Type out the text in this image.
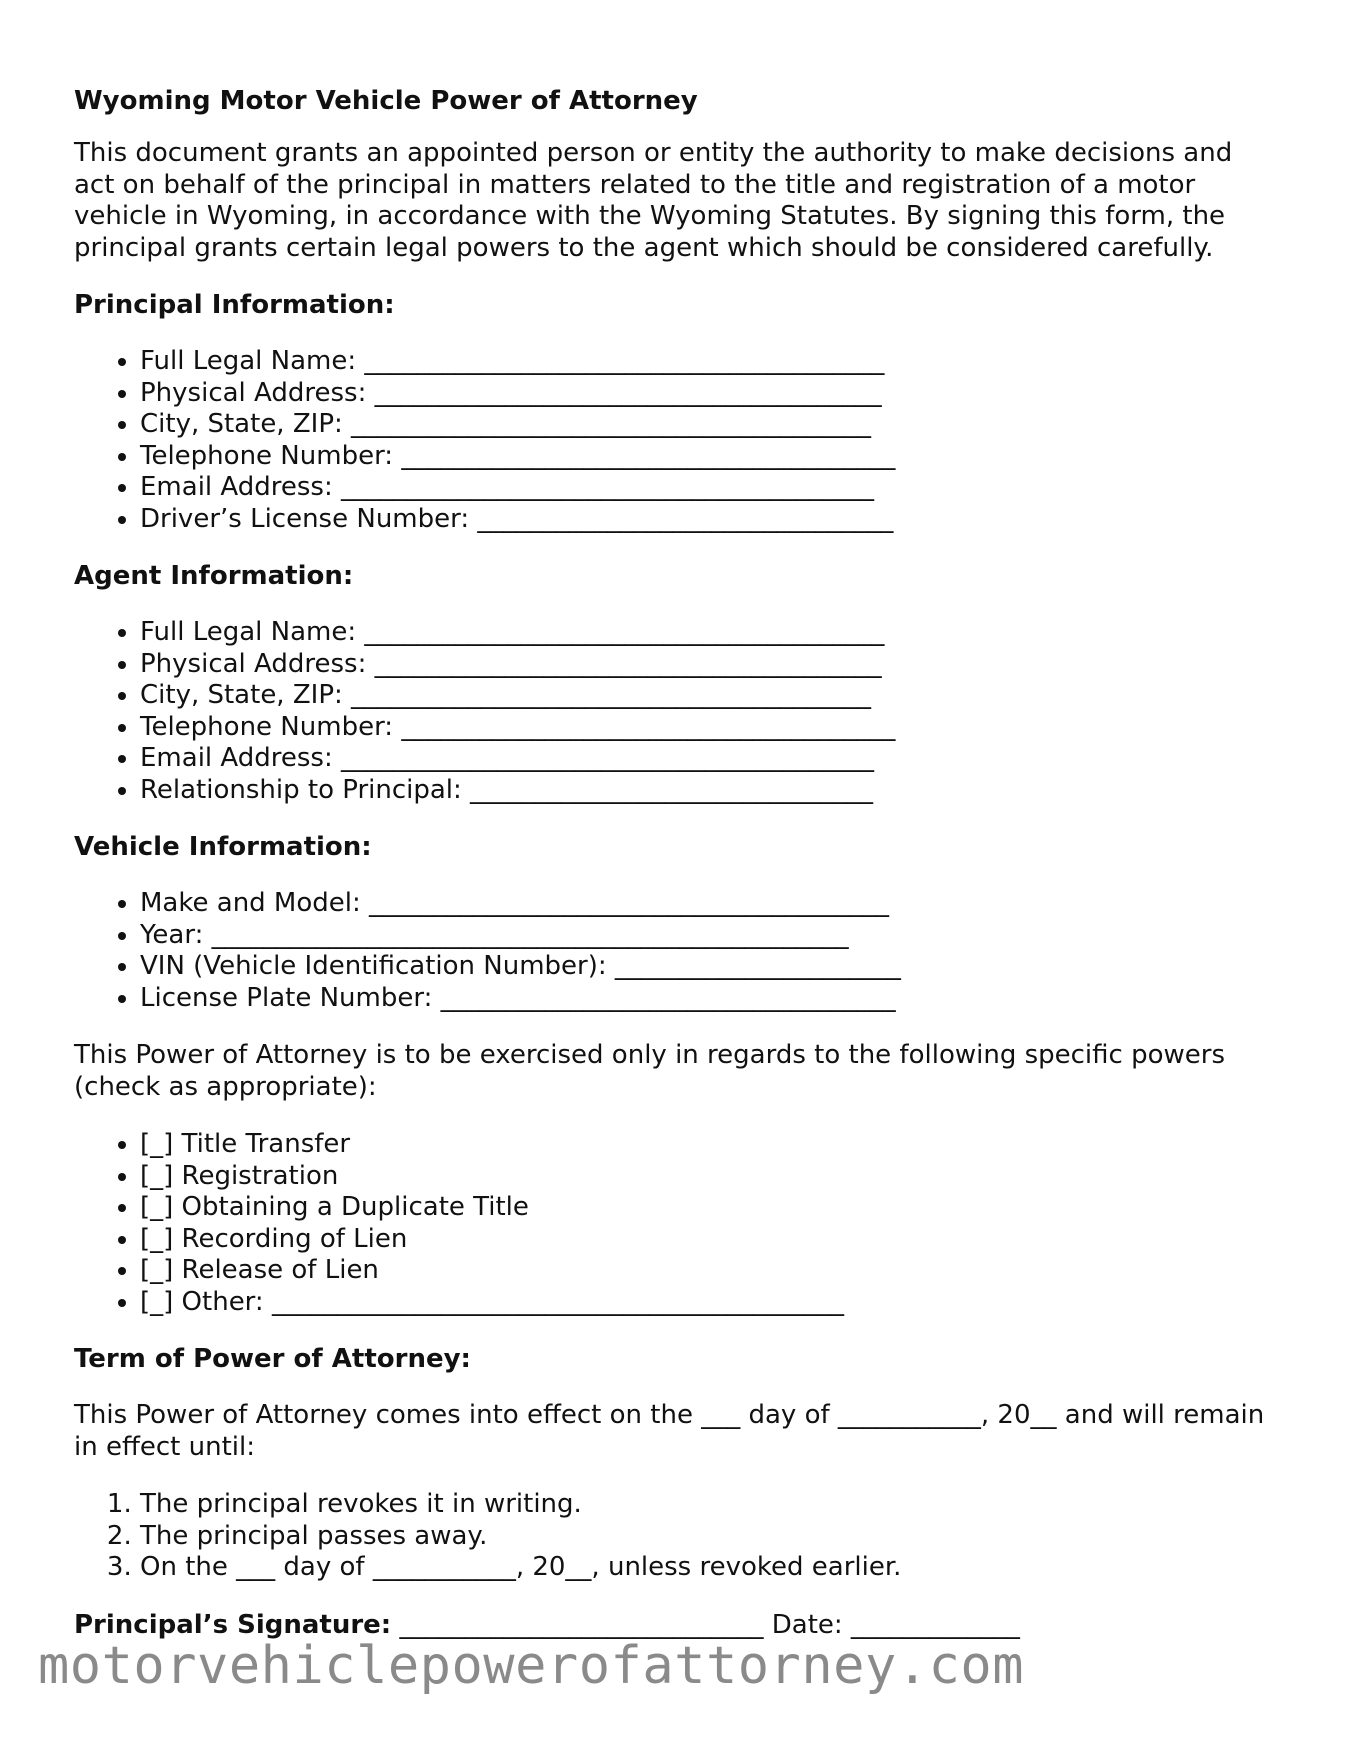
Wyoming Motor Vehicle Power of Attorney

This document grants an appointed person or entity the authority to make decisions and act on behalf of the principal in matters related to the title and registration of a motor vehicle in Wyoming, in accordance with the Wyoming Statutes. By signing this form, the principal grants certain legal powers to the agent which should be considered carefully.

Principal Information:
• Full Legal Name: ________________________________________
• Physical Address: _______________________________________
• City, State, ZIP: ________________________________________
• Telephone Number: ______________________________________
• Email Address: _________________________________________
• Driver’s License Number: ________________________________
Agent Information:
• Full Legal Name: ________________________________________
• Physical Address: _______________________________________
• City, State, ZIP: ________________________________________
• Telephone Number: ______________________________________
• Email Address: _________________________________________
• Relationship to Principal: _______________________________
Vehicle Information:
• Make and Model: ________________________________________
• Year: _________________________________________________
• VIN (Vehicle Identification Number): ______________________
• License Plate Number: ___________________________________

This Power of Attorney is to be exercised only in regards to the following specific powers (check as appropriate):

• [_] Title Transfer
• [_] Registration
• [_] Obtaining a Duplicate Title
• [_] Recording of Lien
• [_] Release of Lien
• [_] Other: ____________________________________________
Term of Power of Attorney:

This Power of Attorney comes into effect on the ___ day of ___________, 20__ and will remain in effect until:

1. The principal revokes it in writing.
2. The principal passes away.
3. On the ___ day of ___________, 20__, unless revoked earlier.

Principal’s Signature: ____________________________ Date: _____________

motorvehiclepowerofattorney.com
